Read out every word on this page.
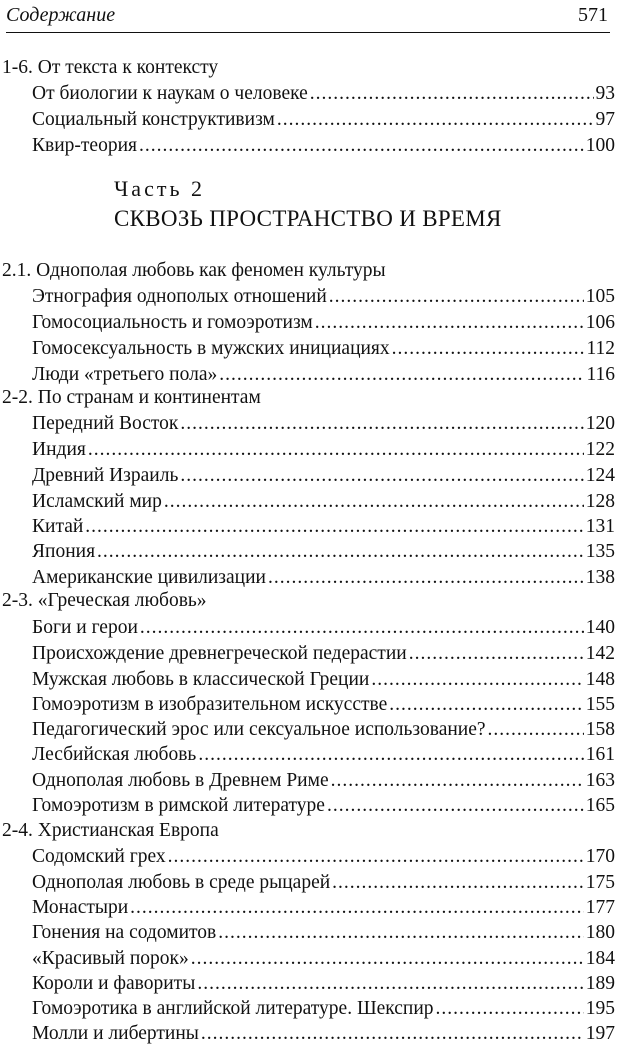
Содержание	571
1-6. От текста к контексту
От биологии к наукам о человеке .....	93
Социальный конструктивизм .....	97
Квир-теория .....	100
Часть 2
СКВОЗЬ ПРОСТРАНСТВО И ВРЕМЯ
2.1. Однополая любовь как феномен культуры
Этнография однополых отношений .....	105
Гомосоциальность и гомоэротизм .....	106
Гомосексуальность в мужских инициациях .....	112
Люди «третьего пола» .....	116
2-2. По странам и континентам
Передний Восток .....	120
Индия .....	122
Древний Израиль .....	124
Исламский мир .....	128
Китай .....	131
Япония .....	135
Американские цивилизации .....	138
2-3. «Греческая любовь»
Боги и герои .....	140
Происхождение древнегреческой педерастии .....	142
Мужская любовь в классической Греции .....	148
Гомоэротизм в изобразительном искусстве .....	155
Педагогический эрос или сексуальное использование? .....	158
Лесбийская любовь .....	161
Однополая любовь в Древнем Риме .....	163
Гомоэротизм в римской литературе .....	165
2-4. Христианская Европа
Содомский грех .....	170
Однополая любовь в среде рыцарей .....	175
Монастыри .....	177
Гонения на содомитов .....	180
«Красивый порок» .....	184
Короли и фавориты .....	189
Гомоэротика в английской литературе. Шекспир .....	195
Молли и либертины .....	197
